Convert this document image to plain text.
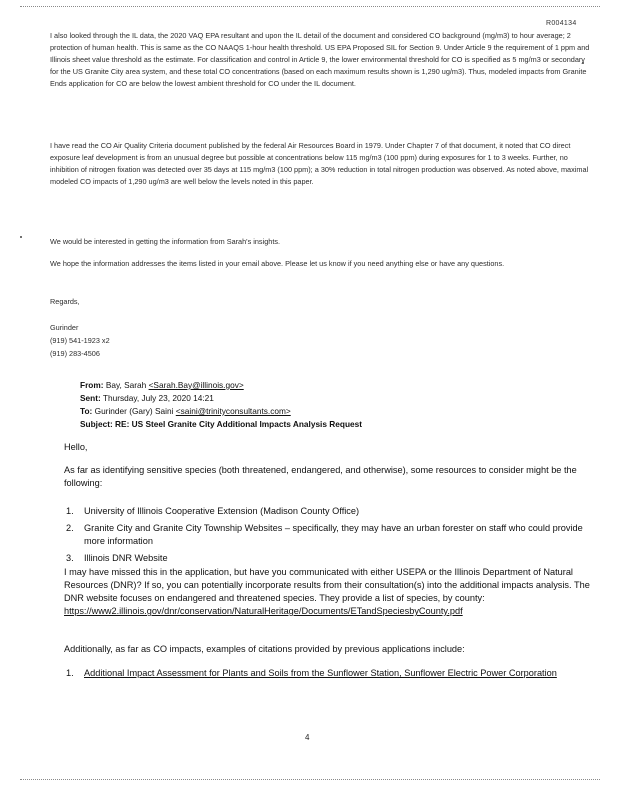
R004134

I also looked through the IL data, the 2020 VAQ EPA resultant and upon the IL detail of the document and considered CO background (mg/m3) to hour average; 2 protection of human health. This is same as the CO NAAQS 1-hour health threshold. US EPA Proposed SIL for Section 9. Under Article 9 the requirement of 1 ppm and Illinois sheet value threshold as the estimate. For classification and control in Article 9, the lower environmental threshold for CO is specified as 5 mg/m3 or secondary for the US Granite City area system, and these total CO concentrations (based on each maximum results shown is 1,290 ug/m3). Thus, modeled impacts from Granite Ends application for CO are below the lowest ambient threshold for CO under the IL document.

I have read the CO Air Quality Criteria document published by the federal Air Resources Board in 1979. Under Chapter 7 of that document, it noted that CO direct exposure leaf development is from an unusual degree but possible at concentrations below 115 mg/m3 (100 ppm) during exposures for 1 to 3 weeks. Further, no inhibition of nitrogen fixation was detected over 35 days at 115 mg/m3 (100 ppm); a 30% reduction in total nitrogen production was observed. As noted above, maximal modeled CO impacts of 1,290 ug/m3 are well below the levels noted in this paper.

We would be interested in getting the information from Sarah's insights.

We hope the information addresses the items listed in your email above. Please let us know if you need anything else or have any questions.

Regards,
Gurinder
(919) 541-1923 x2
(919) 283-4506
From: Bay, Sarah <Sarah.Bay@illinois.gov>
Sent: Thursday, July 23, 2020 14:21
To: Gurinder (Gary) Saini <saini@trinityconsultants.com>
Subject: RE: US Steel Granite City Additional Impacts Analysis Request

Hello,

As far as identifying sensitive species (both threatened, endangered, and otherwise), some resources to consider might be the following:

1.	University of Illinois Cooperative Extension (Madison County Office)
2.	Granite City and Granite City Township Websites – specifically, they may have an urban forester on staff who could provide more information
3.	Illinois DNR Website

I may have missed this in the application, but have you communicated with either USEPA or the Illinois Department of Natural Resources (DNR)? If so, you can potentially incorporate results from their consultation(s) into the additional impacts analysis. The DNR website focuses on endangered and threatened species. They provide a list of species, by county: https://www2.illinois.gov/dnr/conservation/NaturalHeritage/Documents/ETandSpeciesbyCounty.pdf

Additionally, as far as CO impacts, examples of citations provided by previous applications include:

1.	Additional Impact Assessment for Plants and Soils from the Sunflower Station, Sunflower Electric Power Corporation
4
